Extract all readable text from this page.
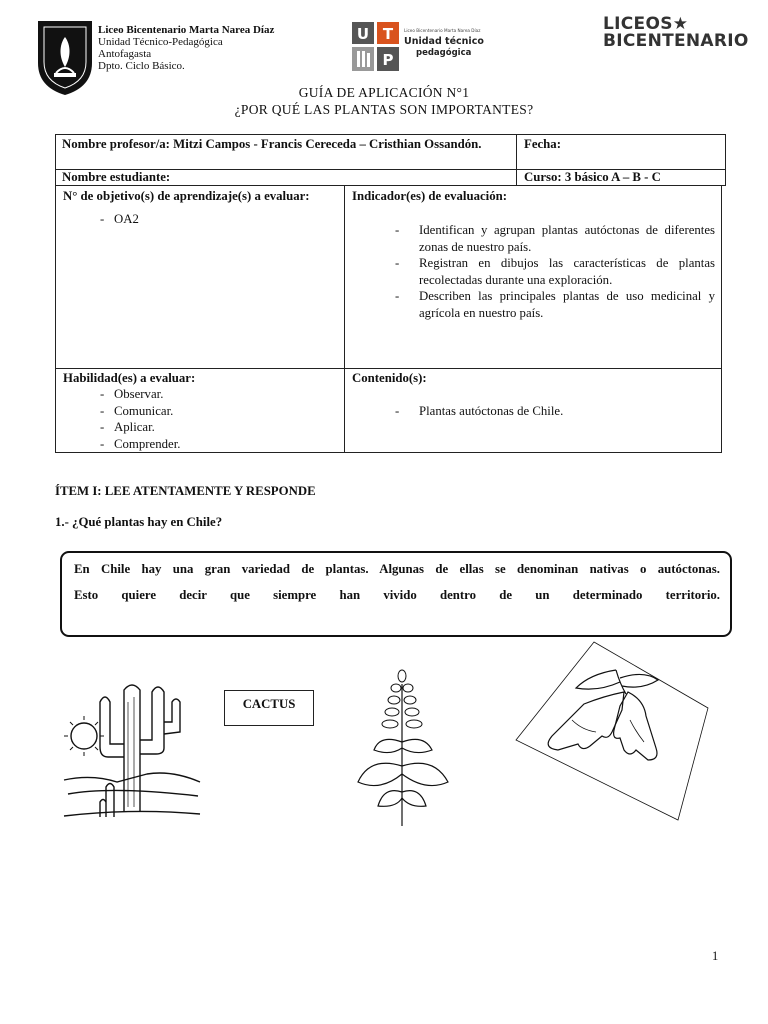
Liceo Bicentenario Marta Narea Díaz
Unidad Técnico-Pedagógica
Antofagasta
Dpto. Ciclo Básico.
U T
P
Liceo Bicentenario Marta Narea Díaz
Unidad técnico
pedagógica
LICEOS★
BICENTENARIO
GUÍA DE APLICACIÓN N°1
¿POR QUÉ LAS PLANTAS SON IMPORTANTES?
Nombre profesor/a: Mitzi Campos - Francis Cereceda – Cristhian Ossandón.	Fecha:
Nombre estudiante:	Curso: 3 básico A – B - C
N° de objetivo(s) de aprendizaje(s) a evaluar:
- OA2
Indicador(es) de evaluación:
- Identifican y agrupan plantas autóctonas de diferentes zonas de nuestro país.
- Registran en dibujos las características de plantas recolectadas durante una exploración.
- Describen las principales plantas de uso medicinal y agrícola en nuestro país.
Habilidad(es) a evaluar:
- Observar.
- Comunicar.
- Aplicar.
- Comprender.
Contenido(s):
- Plantas autóctonas de Chile.
ÍTEM I: LEE ATENTAMENTE Y RESPONDE
1.- ¿Qué plantas hay en Chile?
En Chile hay una gran variedad de plantas. Algunas de ellas se denominan nativas o autóctonas.
Esto quiere decir que siempre han vivido dentro de un determinado territorio.
CACTUS
1
